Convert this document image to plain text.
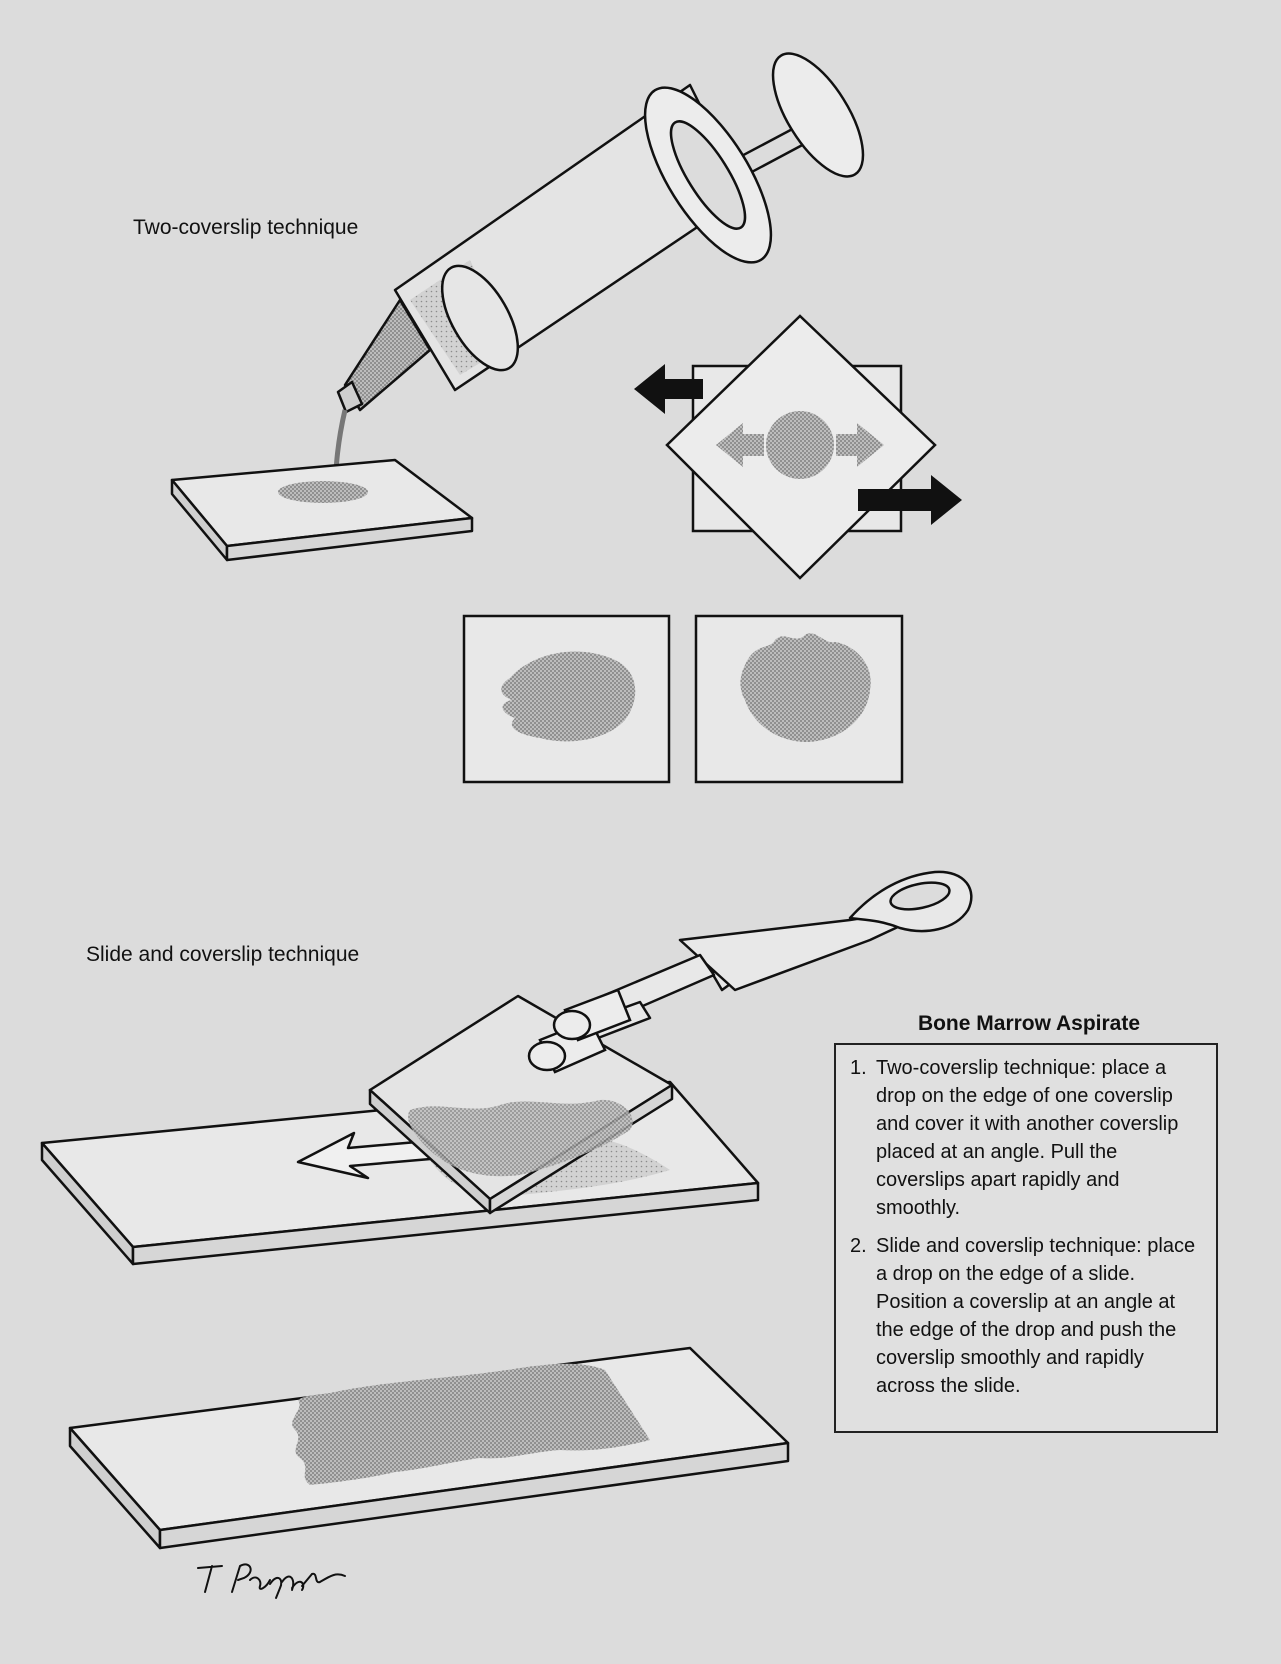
Two-coverslip technique
Slide and coverslip technique
Bone Marrow Aspirate
1. Two-coverslip technique: place a drop on the edge of one coverslip and cover it with another coverslip placed at an angle. Pull the coverslips apart rapidly and smoothly.
2. Slide and coverslip technique: place a drop on the edge of a slide. Position a coverslip at an angle at the edge of the drop and push the coverslip smoothly and rapidly across the slide.
